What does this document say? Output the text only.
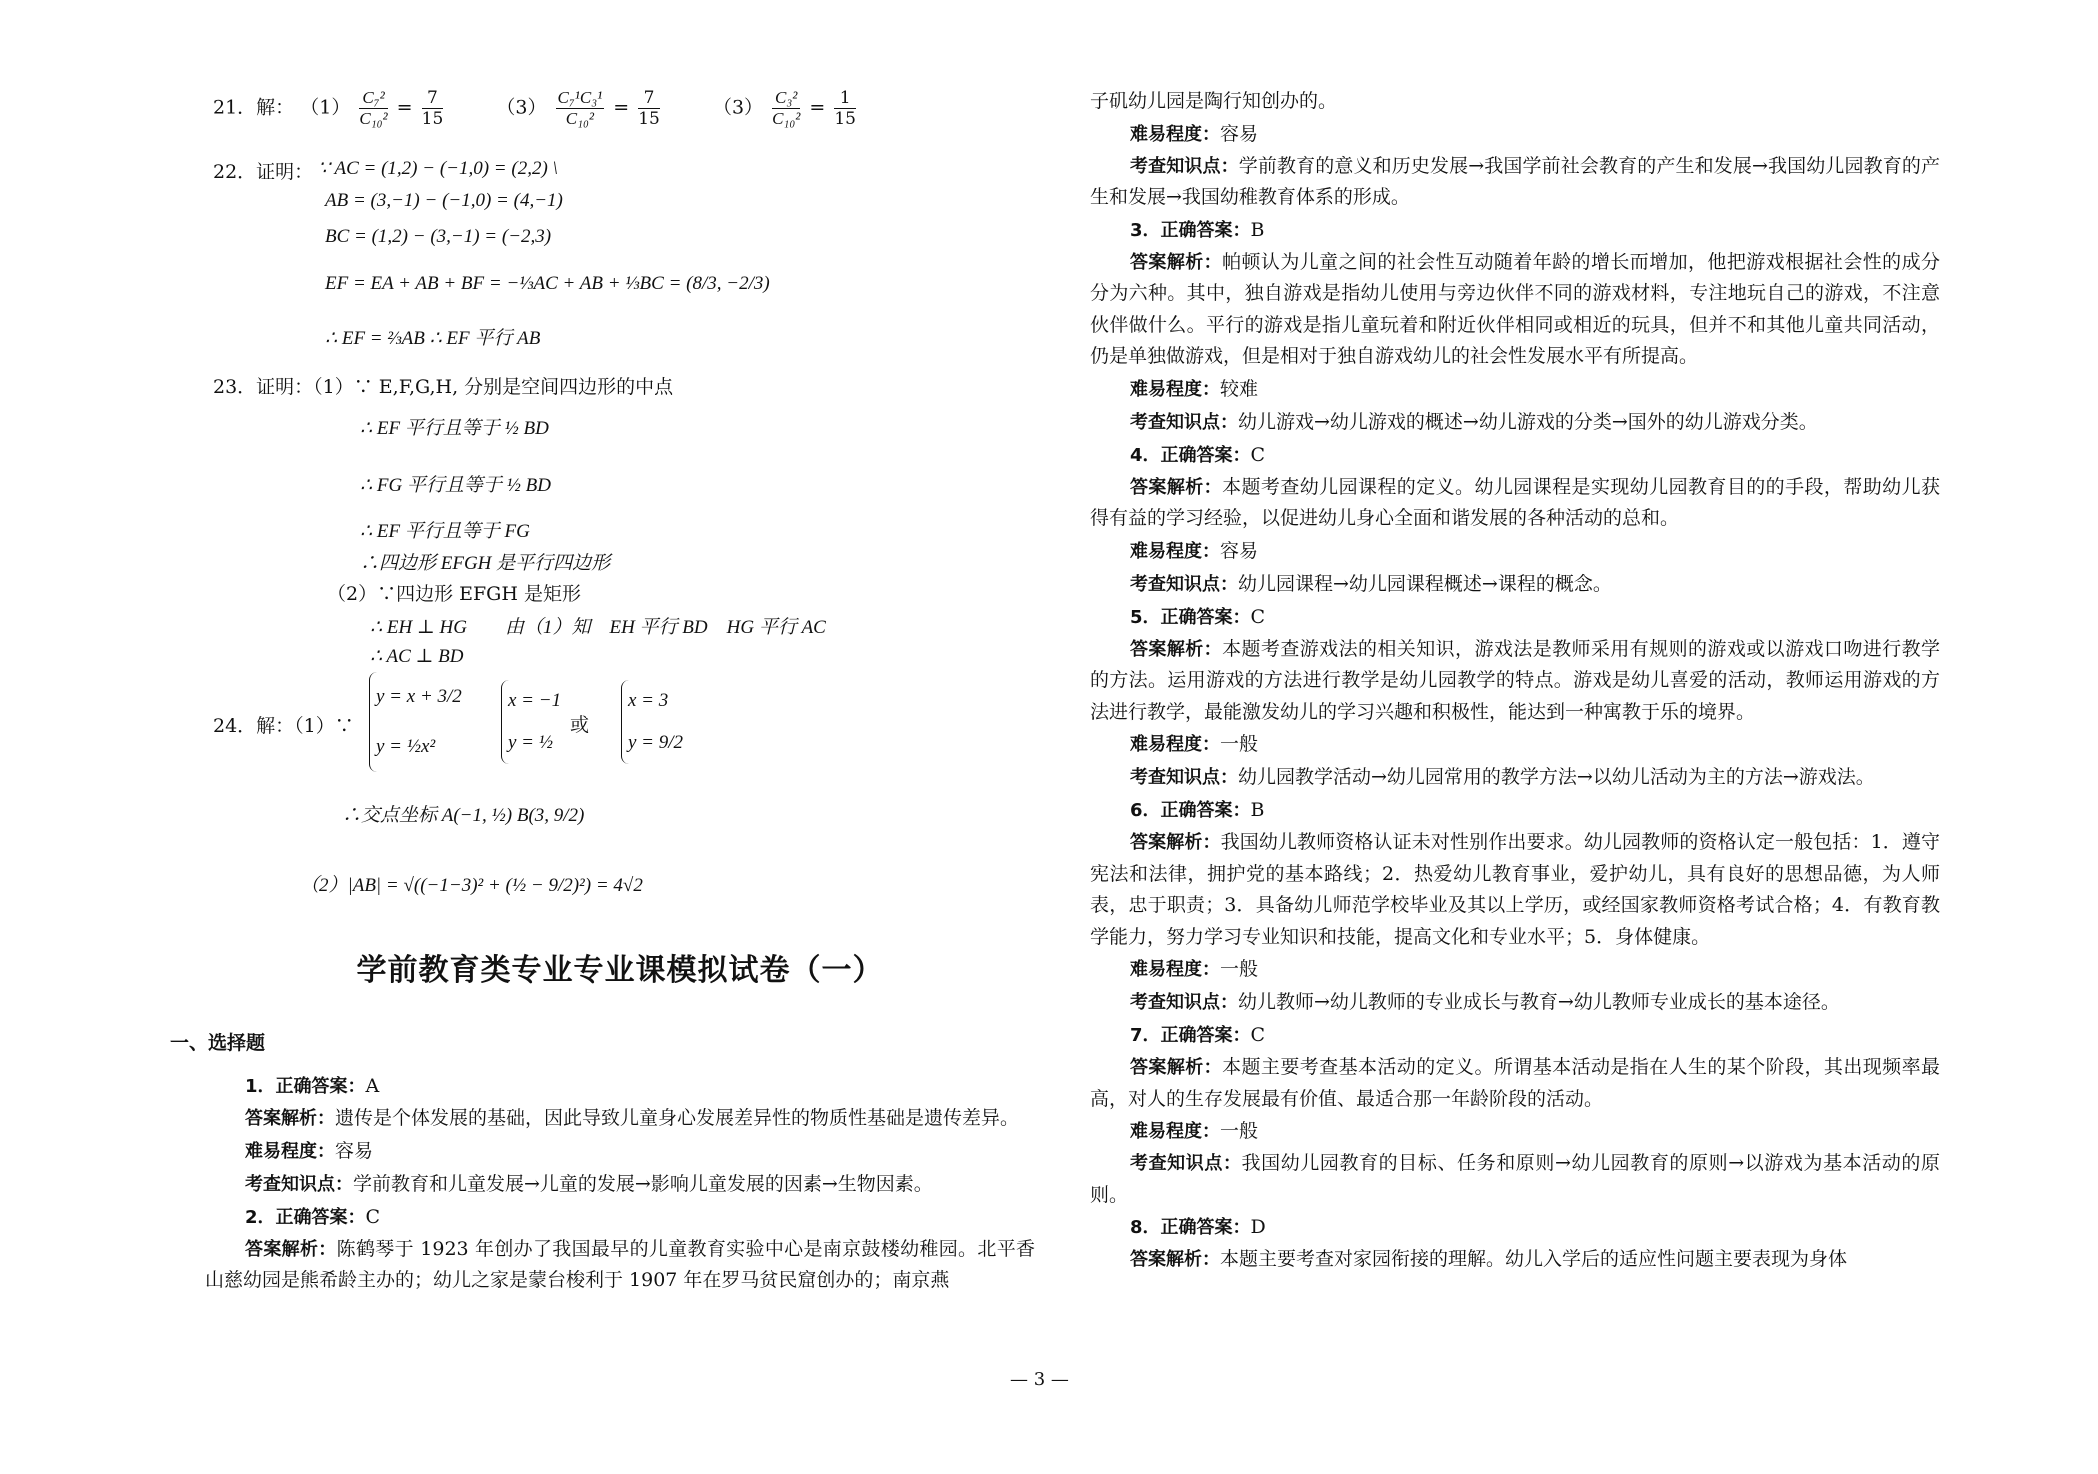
21．解： $(1) \frac{\text{C₇²}}{\text{C₁₀²}} = \frac{7}{15}$	$(3) \frac{\text{C₇¹C₃¹}}{\text{C₁₀²}} = \frac{7}{15}$	$(3) \frac{\text{C₃²}}{\text{C₁₀²}} = \frac{1}{15}$
22．证明： ∵ AC = (1,2) − (−1,0) = (2,2) \
AB = (3,−1) − (−1,0) = (4,−1)
BC = (1,2) − (3,−1) = (−2,3)
EF = EA + AB + BF = −⅓AC + AB + ⅓BC = (8/3, −2/3)
∴ EF = ⅔AB ∴ EF 平行 AB
23．证明：（1）∵ E,F,G,H, 分别是空间四边形的中点
∴ EF 平行且等于 ½ BD
∴ FG 平行且等于 ½ BD
∴ EF 平行且等于 FG
∴四边形 EFGH 是平行四边形
（2）∵四边形 EFGH 是矩形
∴ EH ⊥ HG　　由（1）知　EH 平行 BD　HG 平行 AC
∴ AC ⊥ BD
24．解：（1）∵
y = x + 3/2
y = ½x²
x = −1
y = ½
或
x = 3
y = 9/2
∴交点坐标 A(−1, ½) B(3, 9/2)
（2）|AB| = √((−1−3)² + (½ − 9/2)²) = 4√2
学前教育类专业专业课模拟试卷（一）
一、选择题
1．正确答案：A
答案解析：遗传是个体发展的基础，因此导致儿童身心发展差异性的物质性基础是遗传差异。
难易程度：容易
考查知识点：学前教育和儿童发展→儿童的发展→影响儿童发展的因素→生物因素。
2．正确答案：C
答案解析：陈鹤琴于 1923 年创办了我国最早的儿童教育实验中心是南京鼓楼幼稚园。北平香山慈幼园是熊希龄主办的；幼儿之家是蒙台梭利于 1907 年在罗马贫民窟创办的；南京燕
子矶幼儿园是陶行知创办的。
难易程度：容易
考查知识点：学前教育的意义和历史发展→我国学前社会教育的产生和发展→我国幼儿园教育的产生和发展→我国幼稚教育体系的形成。
3．正确答案：B
答案解析：帕顿认为儿童之间的社会性互动随着年龄的增长而增加，他把游戏根据社会性的成分分为六种。其中，独自游戏是指幼儿使用与旁边伙伴不同的游戏材料，专注地玩自己的游戏，不注意伙伴做什么。平行的游戏是指儿童玩着和附近伙伴相同或相近的玩具，但并不和其他儿童共同活动，仍是单独做游戏，但是相对于独自游戏幼儿的社会性发展水平有所提高。
难易程度：较难
考查知识点：幼儿游戏→幼儿游戏的概述→幼儿游戏的分类→国外的幼儿游戏分类。
4．正确答案：C
答案解析：本题考查幼儿园课程的定义。幼儿园课程是实现幼儿园教育目的的手段，帮助幼儿获得有益的学习经验，以促进幼儿身心全面和谐发展的各种活动的总和。
难易程度：容易
考查知识点：幼儿园课程→幼儿园课程概述→课程的概念。
5．正确答案：C
答案解析：本题考查游戏法的相关知识，游戏法是教师采用有规则的游戏或以游戏口吻进行教学的方法。运用游戏的方法进行教学是幼儿园教学的特点。游戏是幼儿喜爱的活动，教师运用游戏的方法进行教学，最能激发幼儿的学习兴趣和积极性，能达到一种寓教于乐的境界。
难易程度：一般
考查知识点：幼儿园教学活动→幼儿园常用的教学方法→以幼儿活动为主的方法→游戏法。
6．正确答案：B
答案解析：我国幼儿教师资格认证未对性别作出要求。幼儿园教师的资格认定一般包括：1．遵守宪法和法律，拥护党的基本路线；2．热爱幼儿教育事业，爱护幼儿，具有良好的思想品德，为人师表，忠于职责；3．具备幼儿师范学校毕业及其以上学历，或经国家教师资格考试合格；4．有教育教学能力，努力学习专业知识和技能，提高文化和专业水平；5．身体健康。
难易程度：一般
考查知识点：幼儿教师→幼儿教师的专业成长与教育→幼儿教师专业成长的基本途径。
7．正确答案：C
答案解析：本题主要考查基本活动的定义。所谓基本活动是指在人生的某个阶段，其出现频率最高，对人的生存发展最有价值、最适合那一年龄阶段的活动。
难易程度：一般
考查知识点：我国幼儿园教育的目标、任务和原则→幼儿园教育的原则→以游戏为基本活动的原则。
8．正确答案：D
答案解析：本题主要考查对家园衔接的理解。幼儿入学后的适应性问题主要表现为身体
— 3 —
